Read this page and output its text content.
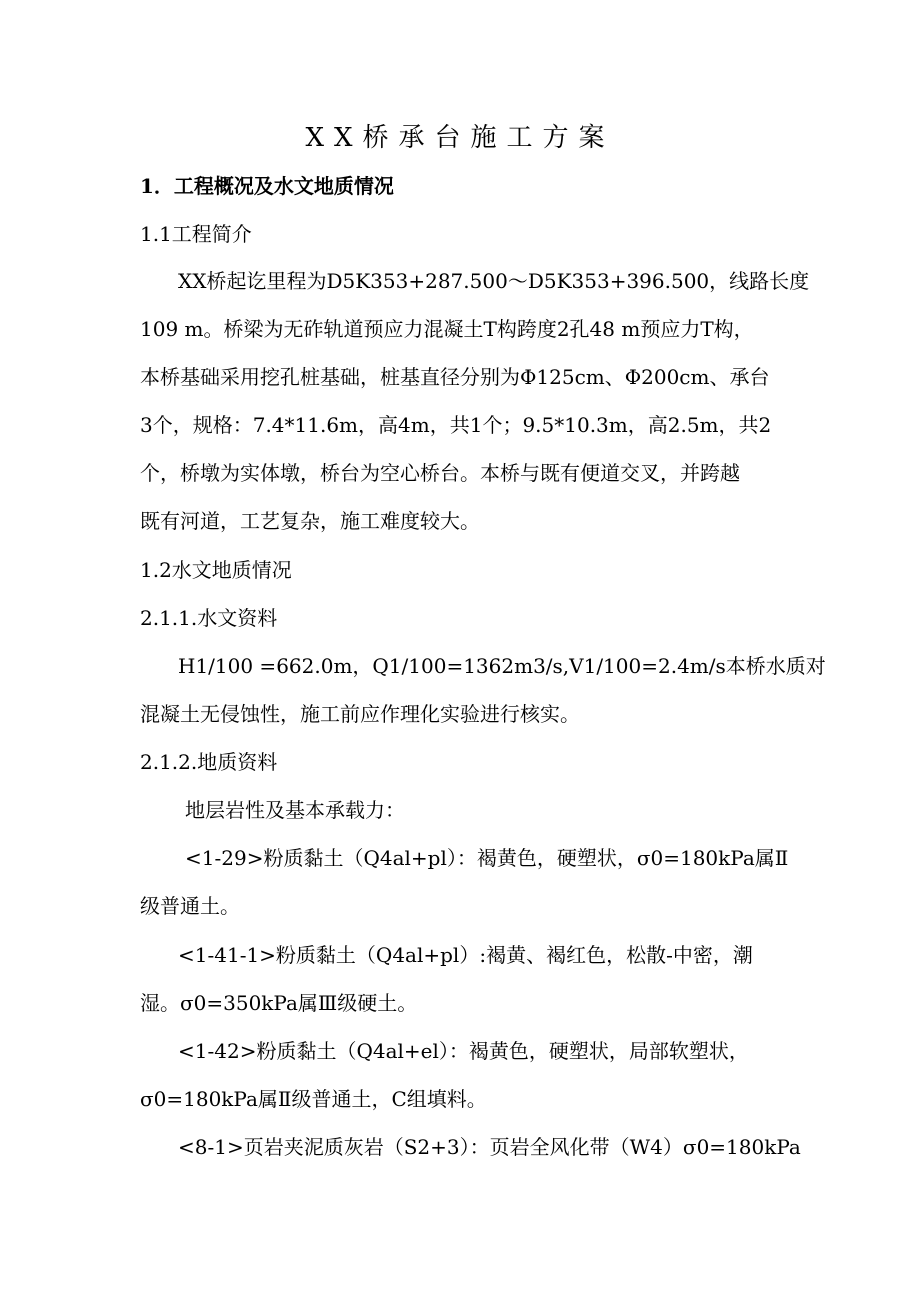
XX桥承台施工方案
1．工程概况及水文地质情况
1.1工程简介
XX桥起讫里程为D5K353+287.500～D5K353+396.500，线路长度
109 m。桥梁为无砟轨道预应力混凝土T构跨度2孔48 m预应力T构，
本桥基础采用挖孔桩基础，桩基直径分别为Φ125cm、Φ200cm、承台
3个，规格：7.4*11.6m，高4m，共1个；9.5*10.3m，高2.5m，共2
个，桥墩为实体墩，桥台为空心桥台。本桥与既有便道交叉，并跨越
既有河道，工艺复杂，施工难度较大。
1.2水文地质情况
2.1.1.水文资料
H1/100 =662.0m，Q1/100=1362m3/s,V1/100=2.4m/s本桥水质对
混凝土无侵蚀性，施工前应作理化实验进行核实。
2.1.2.地质资料
地层岩性及基本承载力：
<1-29>粉质黏土（Q4al+pl）：褐黄色，硬塑状，σ0=180kPa属Ⅱ
级普通土。
<1-41-1>粉质黏土（Q4al+pl）:褐黄、褐红色，松散-中密，潮
湿。σ0=350kPa属Ⅲ级硬土。
<1-42>粉质黏土（Q4al+el）：褐黄色，硬塑状，局部软塑状，
σ0=180kPa属Ⅱ级普通土，C组填料。
<8-1>页岩夹泥质灰岩（S2+3）：页岩全风化带（W4）σ0=180kPa
